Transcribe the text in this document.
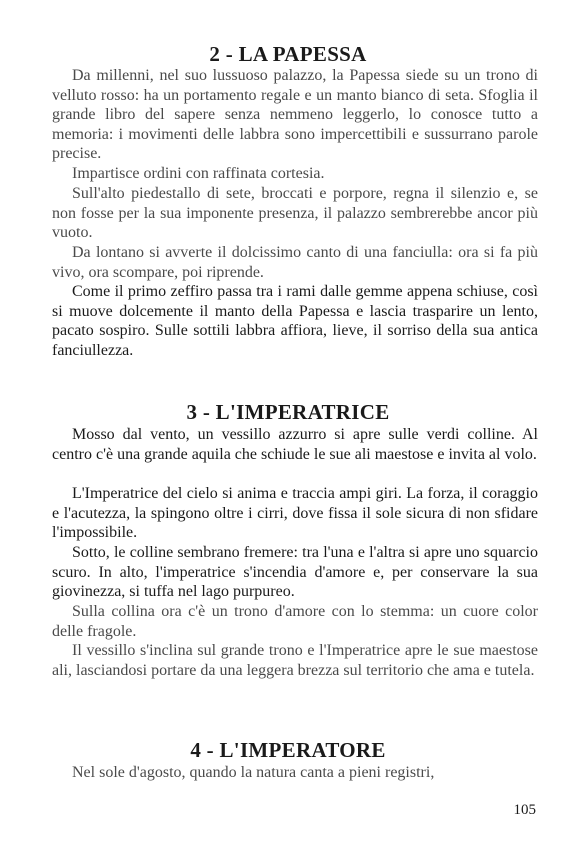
2 - LA PAPESSA

Da millenni, nel suo lussuoso palazzo, la Papessa siede su un trono di velluto rosso: ha un portamento regale e un manto bianco di seta. Sfoglia il grande libro del sapere senza nemmeno leggerlo, lo conosce tutto a memoria: i movimenti delle labbra sono impercettibili e sussurrano parole precise.

Impartisce ordini con raffinata cortesia.

Sull'alto piedestallo di sete, broccati e porpore, regna il silenzio e, se non fosse per la sua imponente presenza, il palazzo sembrerebbe ancor più vuoto.

Da lontano si avverte il dolcissimo canto di una fanciulla: ora si fa più vivo, ora scompare, poi riprende.

Come il primo zeffiro passa tra i rami dalle gemme appena schiuse, così si muove dolcemente il manto della Papessa e lascia trasparire un lento, pacato sospiro. Sulle sottili labbra affiora, lieve, il sorriso della sua antica fanciullezza.

3 - L'IMPERATRICE

Mosso dal vento, un vessillo azzurro si apre sulle verdi colline. Al centro c'è una grande aquila che schiude le sue ali maestose e invita al volo.

L'Imperatrice del cielo si anima e traccia ampi giri. La forza, il coraggio e l'acutezza, la spingono oltre i cirri, dove fissa il sole sicura di non sfidare l'impossibile.

Sotto, le colline sembrano fremere: tra l'una e l'altra si apre uno squarcio scuro. In alto, l'imperatrice s'incendia d'amore e, per conservare la sua giovinezza, si tuffa nel lago purpureo.

Sulla collina ora c'è un trono d'amore con lo stemma: un cuore color delle fragole.

Il vessillo s'inclina sul grande trono e l'Imperatrice apre le sue maestose ali, lasciandosi portare da una leggera brezza sul territorio che ama e tutela.

4 - L'IMPERATORE

Nel sole d'agosto, quando la natura canta a pieni registri,

105
